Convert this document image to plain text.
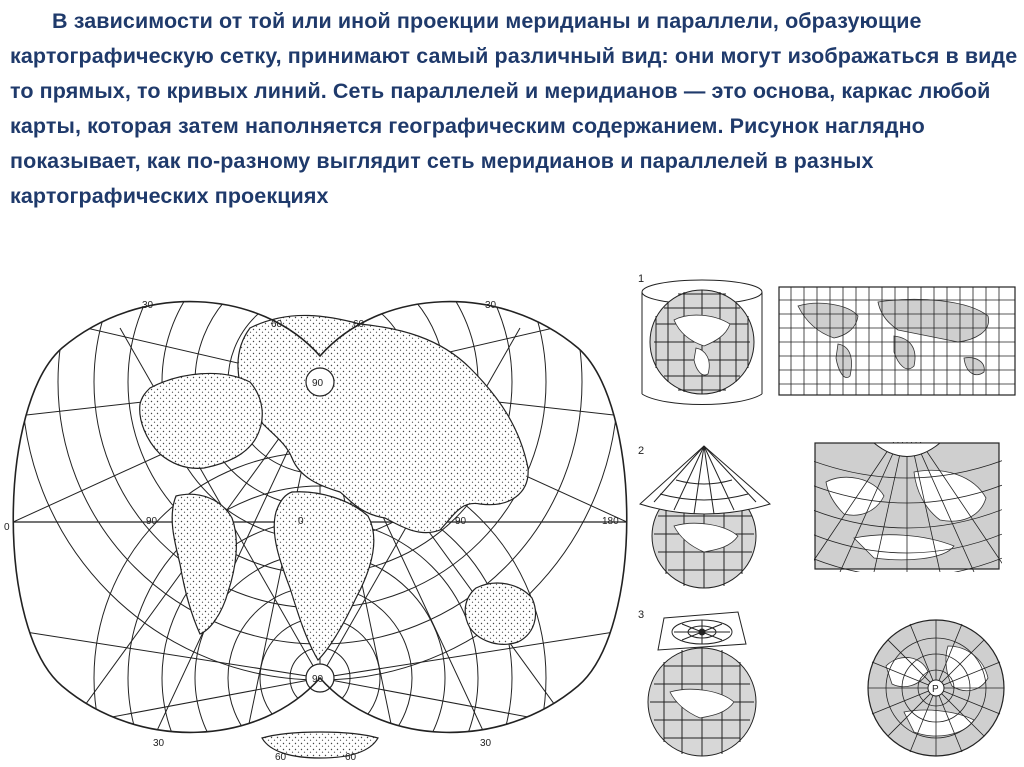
В зависимости от той или иной проекции меридианы и параллели, образующие картографическую сетку, принимают самый различный вид: они могут изображаться в виде то прямых, то кривых линий. Сеть параллелей и меридианов — это основа, каркас любой карты, которая затем наполняется географическим содержанием. Рисунок наглядно показывает, как по-разному выглядит сеть меридианов и параллелей в разных картографических проекциях

30	30
60	60
90
90
0
90	0	90	180
30	30
60	60
1
2
3
P
